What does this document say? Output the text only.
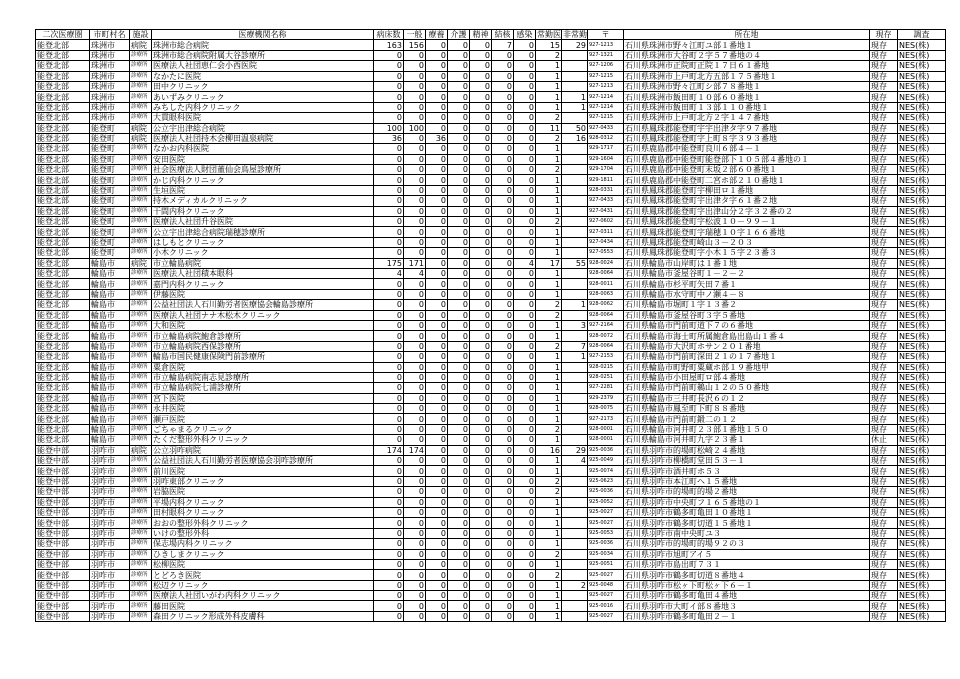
二次医療圏	市町村名	施設	医療機関名称	病床数	一般	療養	介護	精神	結核	感染	常勤医	非常勤	〒	所在地	現存	調査
能登北部	珠洲市	病院	珠洲市総合病院	163	156	0	0	0	7	0	15	29	927-1213	石川県珠洲市野々江町ユ部１番地１	現存	NES(株)
能登北部	珠洲市	診療所	珠洲市総合病院附属大谷診療所	0	0	0	0	0	0	0	2		927-1321	石川県珠洲市大谷町２字５７番地の４	現存	NES(株)
能登北部	珠洲市	診療所	医療法人社団恵仁会小西医院	0	0	0	0	0	0	0	1		927-1206	石川県珠洲市正院町正院１７日６１番地	現存	NES(株)
能登北部	珠洲市	診療所	なかたに医院	0	0	0	0	0	0	0	1		927-1215	石川県珠洲市上戸町北方五部１７５番地１	現存	NES(株)
能登北部	珠洲市	診療所	田中クリニック	0	0	0	0	0	0	0	1		927-1213	石川県珠洲市野々江町シ部７８番地１	現存	NES(株)
能登北部	珠洲市	診療所	あいずみクリニック	0	0	0	0	0	0	0	1	1	927-1214	石川県珠洲市飯田町１０部６０番地１	現存	NES(株)
能登北部	珠洲市	診療所	みちした内科クリニック	0	0	0	0	0	0	0	1	1	927-1214	石川県珠洲市飯田町１３部１１０番地１	現存	NES(株)
能登北部	珠洲市	診療所	大貫眼科医院	0	0	0	0	0	0	0	2		927-1215	石川県珠洲市上戸町北方２字１４７番地	現存	NES(株)
能登北部	能登町	病院	公立宇出津総合病院	100	100	0	0	0	0	0	11	50	927-0433	石川県鳳珠郡能登町宇宇出津タ字９７番地	現存	NES(株)
能登北部	能登町	病院	医療法人社団持木会柳田温泉病院	36	0	36	0	0	0	0	2	16	928-0312	石川県鳳珠郡能登町字上町８字３９３番地	現存	NES(株)
能登北部	能登町	診療所	なかお内科医院	0	0	0	0	0	0	0	1		929-1717	石川県鹿島郡中能登町良川６部４－１	現存	NES(株)
能登北部	能登町	診療所	安田医院	0	0	0	0	0	0	0	1		929-1604	石川県鹿島郡中能登町能登部下１０５部４番地の１	現存	NES(株)
能登北部	能登町	診療所	社会医療法人財団董仙会鳥屋診療所	0	0	0	0	0	0	0	2		929-1704	石川県鹿島郡中能登町末坂２部６０番地１	現存	NES(株)
能登北部	能登町	診療所	かじ内科クリニック	0	0	0	0	0	0	0	1		929-1811	石川県鹿島郡中能登町二宮ホ部２１０番地１	現存	NES(株)
能登北部	能登町	診療所	生垣医院	0	0	0	0	0	0	0	1		928-0331	石川県鳳珠郡能登町宇柳田ロ１番地	現存	NES(株)
能登北部	能登町	診療所	持木メディカルクリニック	0	0	0	0	0	0	0	1		927-0433	石川県鳳珠郡能登町宇出津タ字６１番２地	現存	NES(株)
能登北部	能登町	診療所	干間内科クリニック	0	0	0	0	0	0	0	1		927-0431	石川県鳳珠郡能登町字出津山分２字３２番の２	現存	NES(株)
能登北部	能登町	診療所	医療法人社団升谷医院	0	0	0	0	0	0	0	2		927-0602	石川県鳳珠郡能登町字松波１０－９９－１	現存	NES(株)
能登北部	能登町	診療所	公立宇出津総合病院瑞穂診療所	0	0	0	0	0	0	0	1		927-0311	石川県鳳珠郡能登町字瑞穂１０字１６６番地	現存	NES(株)
能登北部	能登町	診療所	はしもとクリニック	0	0	0	0	0	0	0	1		927-0434	石川県鳳珠郡能登町崎山３－２０３	現存	NES(株)
能登北部	能登町	診療所	小木クリニック	0	0	0	0	0	0	0	1		927-0553	石川県鳳珠郡能登町字小木１５字２３番３	現存	NES(株)
能登北部	輪島市	病院	市立輪島病院	175	171	0	0	0	0	4	17	55	928-0024	石川県輪島市山岸町は１番１地	現存	NES(株)
能登北部	輪島市	診療所	医療法人社団積本眼科	4	4	0	0	0	0	0	1		928-0064	石川県輪島市釜屋谷町１－２－２	現存	NES(株)
能登北部	輪島市	診療所	嘉門内科クリニック	0	0	0	0	0	0	0	1		928-0011	石川県輪島市杉平町矢田７番１	現存	NES(株)
能登北部	輪島市	診療所	伊藤医院	0	0	0	0	0	0	0	1		928-0063	石川県輪島市水守町中ノ瀬４－８	現存	NES(株)
能登北部	輪島市	診療所	公益社団法人石川勤労者医療協会輪島診療所	0	0	0	0	0	0	0	2	1	928-0062	石川県輪島市堀町１字１３番２	現存	NES(株)
能登北部	輪島市	診療所	医療法人社団ナナ木松木クリニック	0	0	0	0	0	0	0	2		928-0064	石川県輪島市釜屋谷町３字５番地	現存	NES(株)
能登北部	輪島市	診療所	大和医院	0	0	0	0	0	0	0	1	3	927-2164	石川県輪島市門前町道下７の６番地	現存	NES(株)
能登北部	輪島市	診療所	市立輪島病院鮑倉診療所	0	0	0	0	0	0	0	1		928-0072	石川県輪島市海士町所属鮑倉島出島山１番４	現存	NES(株)
能登北部	輪島市	診療所	市立輪島病院西保診療所	0	0	0	0	0	0	0	2	7	928-0064	石川県輪島市大沢町ホサン２０１番地	現存	NES(株)
能登北部	輪島市	診療所	輪島市国民健康保険門前診療所	0	0	0	0	0	0	0	1	1	927-2153	石川県輪島市門前町深田２１の１７番地１	現存	NES(株)
能登北部	輪島市	診療所	粟倉医院	0	0	0	0	0	0	0	1		928-0215	石川県輪島市町野町粟蔵ホ部１９番地甲	現存	NES(株)
能登北部	輪島市	診療所	市立輪島病院南志見診療所	0	0	0	0	0	0	0	1		928-0251	石川県輪島市小田屋町ロ部４番地	現存	NES(株)
能登北部	輪島市	診療所	市立輪島病院七浦診療所	0	0	0	0	0	0	0	1		927-2281	石川県輪島市門前町鵜山１２の５０番地	現存	NES(株)
能登北部	輪島市	診療所	宮下医院	0	0	0	0	0	0	0	1		929-2379	石川県輪島市三井町長沢６の１２	現存	NES(株)
能登北部	輪島市	診療所	永井医院	0	0	0	0	0	0	0	1		928-0075	石川県輪島市鳳至町下町８８番地	現存	NES(株)
能登北部	輪島市	診療所	瀬戸医院	0	0	0	0	0	0	0	1		927-2173	石川県輪島市門前町鍛二の１２	現存	NES(株)
能登北部	輪島市	診療所	ごちゃまるクリニック	0	0	0	0	0	0	0	2		928-0001	石川県輪島市河井町２３部１番地１５０	現存	NES(株)
能登北部	輪島市	診療所	たくだ整形外科クリニック	0	0	0	0	0	0	0	1		928-0001	石川県輪島市河井町九字２３番１	休止	NES(株)
能登中部	羽咋市	病院	公立羽咋病院	174	174	0	0	0	0	0	16	29	925-0036	石川県羽咋市的場町松崎２４番地	現存	NES(株)
能登中部	羽咋市	診療所	公益社団法人石川勤労者医療協会羽咋診療所	0	0	0	0	0	0	0	1	4	925-0049	石川県羽咋市柳橋町堂田５３－１	現存	NES(株)
能登中部	羽咋市	診療所	前川医院	0	0	0	0	0	0	0	1		925-0074	石川県羽咋市酒井町ホ５３	現存	NES(株)
能登中部	羽咋市	診療所	羽咋東部クリニック	0	0	0	0	0	0	0	2		925-0623	石川県羽咋市本江町ヘ１５番地	現存	NES(株)
能登中部	羽咋市	診療所	岩脇医院	0	0	0	0	0	0	0	2		925-0036	石川県羽咋市的場町的場２番地	現存	NES(株)
能登中部	羽咋市	診療所	平場内科クリニック	0	0	0	0	0	0	0	1		925-0052	石川県羽咋市中央町フ１６５番地の１	現存	NES(株)
能登中部	羽咋市	診療所	田村眼科クリニック	0	0	0	0	0	0	0	1		925-0027	石川県羽咋市鶴多町亀田１０番地１	現存	NES(株)
能登中部	羽咋市	診療所	おおの整形外科クリニック	0	0	0	0	0	0	0	1		925-0027	石川県羽咋市鶴多町切道１５番地１	現存	NES(株)
能登中部	羽咋市	診療所	いけの整形外科	0	0	0	0	0	0	0	1		925-0053	石川県羽咋市南中央町ユ３	現存	NES(株)
能登中部	羽咋市	診療所	保志場内科クリニック	0	0	0	0	0	0	0	1		925-0036	石川県羽咋市的場町的場９２の３	現存	NES(株)
能登中部	羽咋市	診療所	ひきしまクリニック	0	0	0	0	0	0	0	2		925-0034	石川県羽咋市旭町アイ５	現存	NES(株)
能登中部	羽咋市	診療所	松柳医院	0	0	0	0	0	0	0	1		925-0051	石川県羽咋市島出町７３１	現存	NES(株)
能登中部	羽咋市	診療所	とどろき医院	0	0	0	0	0	0	0	2		925-0027	石川県羽咋市鶴多町切道８番地４	現存	NES(株)
能登中部	羽咋市	診療所	松辺クリニック	0	0	0	0	0	0	0	1	2	925-0048	石川県羽咋市松ヶ下町松ヶ下６－１	現存	NES(株)
能登中部	羽咋市	診療所	医療法人社団いがわ内科クリニック	0	0	0	0	0	0	0	1		925-0027	石川県羽咋市鶴多町亀田４番地	現存	NES(株)
能登中部	羽咋市	診療所	藤田医院	0	0	0	0	0	0	0	1		925-0016	石川県羽咋市大町イ部８番地３	現存	NES(株)
能登中部	羽咋市	診療所	森田クリニック形成外科皮膚科	0	0	0	0	0	0	0	1		925-0027	石川県羽咋市鶴多町亀田２－１	現存	NES(株)
